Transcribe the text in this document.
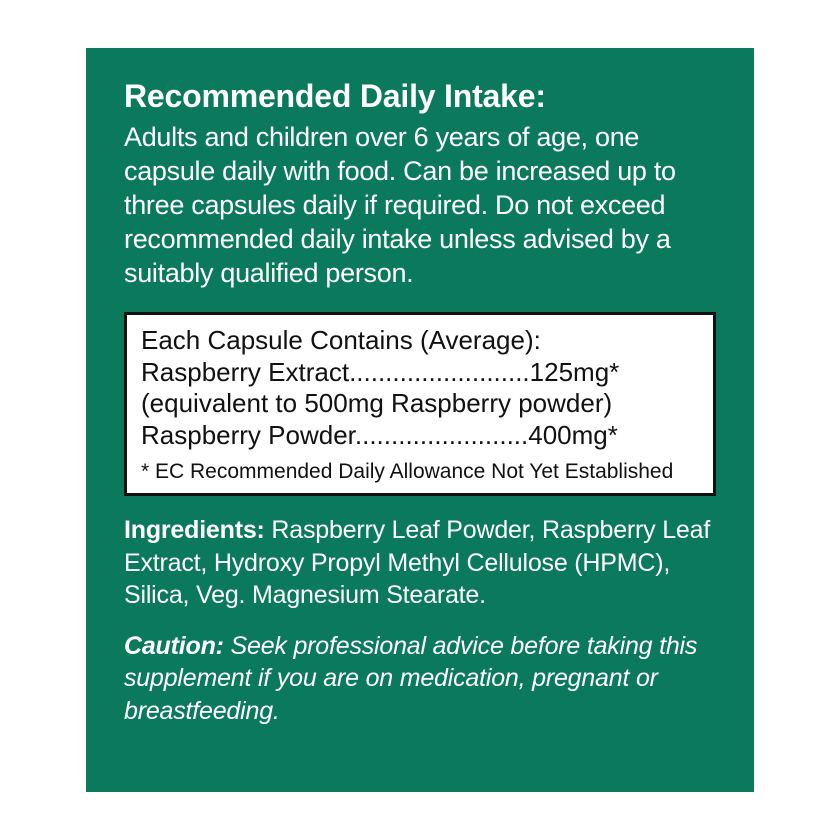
Recommended Daily Intake:

Adults and children over 6 years of age, one capsule daily with food. Can be increased up to three capsules daily if required. Do not exceed recommended daily intake unless advised by a suitably qualified person.

Each Capsule Contains (Average):

Raspberry Extract.........................125mg*

(equivalent to 500mg Raspberry powder)

Raspberry Powder........................400mg*

* EC Recommended Daily Allowance Not Yet Established

Ingredients: Raspberry Leaf Powder, Raspberry Leaf Extract, Hydroxy Propyl Methyl Cellulose (HPMC), Silica, Veg. Magnesium Stearate.

Caution: Seek professional advice before taking this supplement if you are on medication, pregnant or breastfeeding.
